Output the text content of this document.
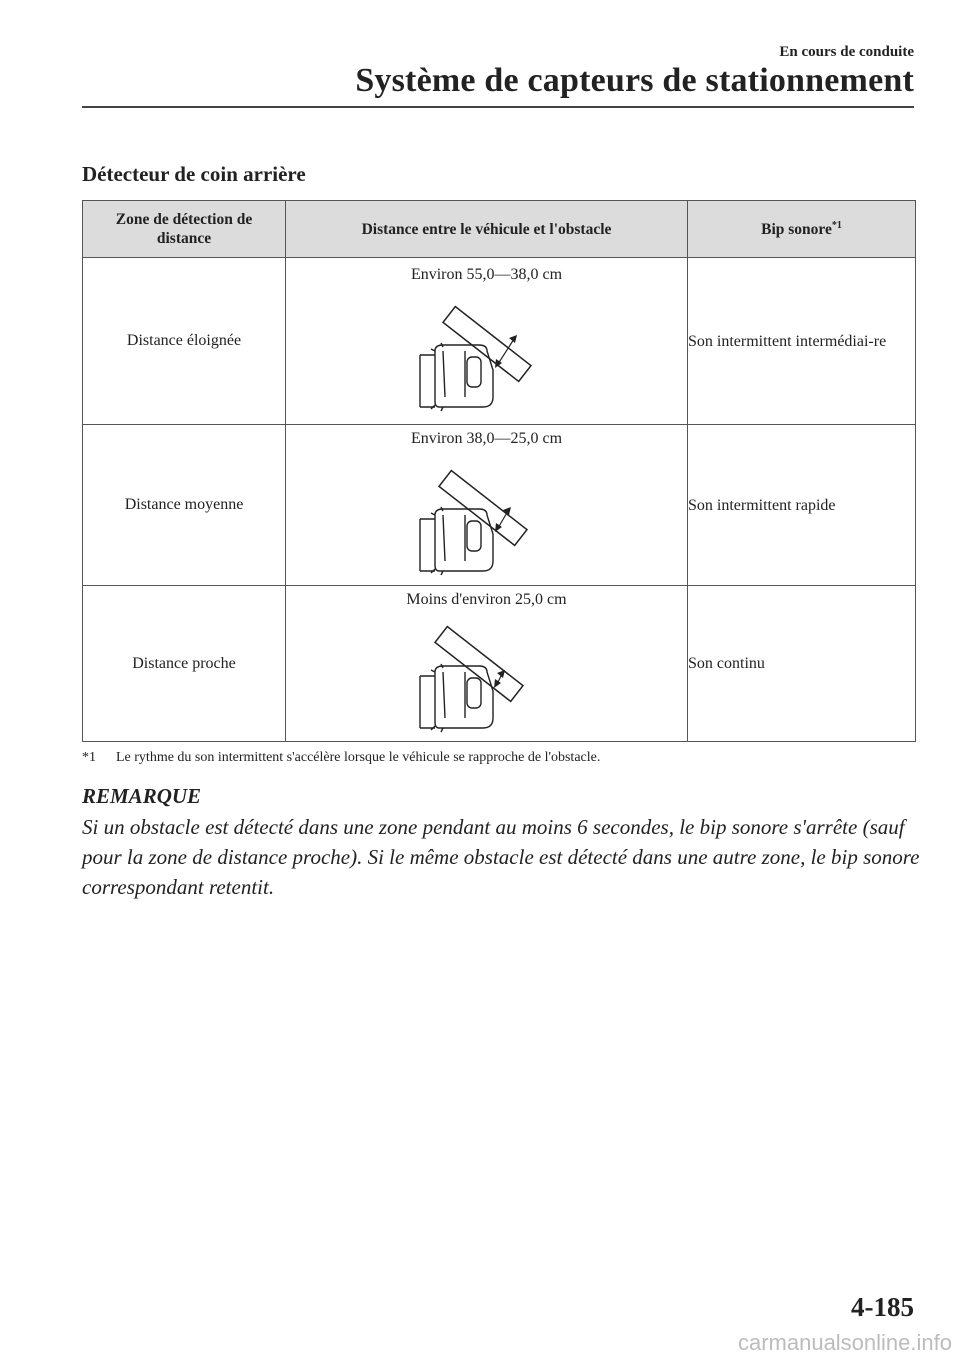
En cours de conduite
Système de capteurs de stationnement
Détecteur de coin arrière
Zone de détection de distance	Distance entre le véhicule et l'obstacle	Bip sonore$^{*1}$
Distance éloignée	Environ 55,0―38,0 cm	Son intermittent intermédiai-re
Distance moyenne	Environ 38,0―25,0 cm	Son intermittent rapide
Distance proche	Moins d'environ 25,0 cm	Son continu
*1 Le rythme du son intermittent s'accélère lorsque le véhicule se rapproche de l'obstacle.
REMARQUE
Si un obstacle est détecté dans une zone pendant au moins 6 secondes, le bip sonore s'arrête (sauf pour la zone de distance proche). Si le même obstacle est détecté dans une autre zone, le bip sonore correspondant retentit.
4-185
carmanualsonline.info
